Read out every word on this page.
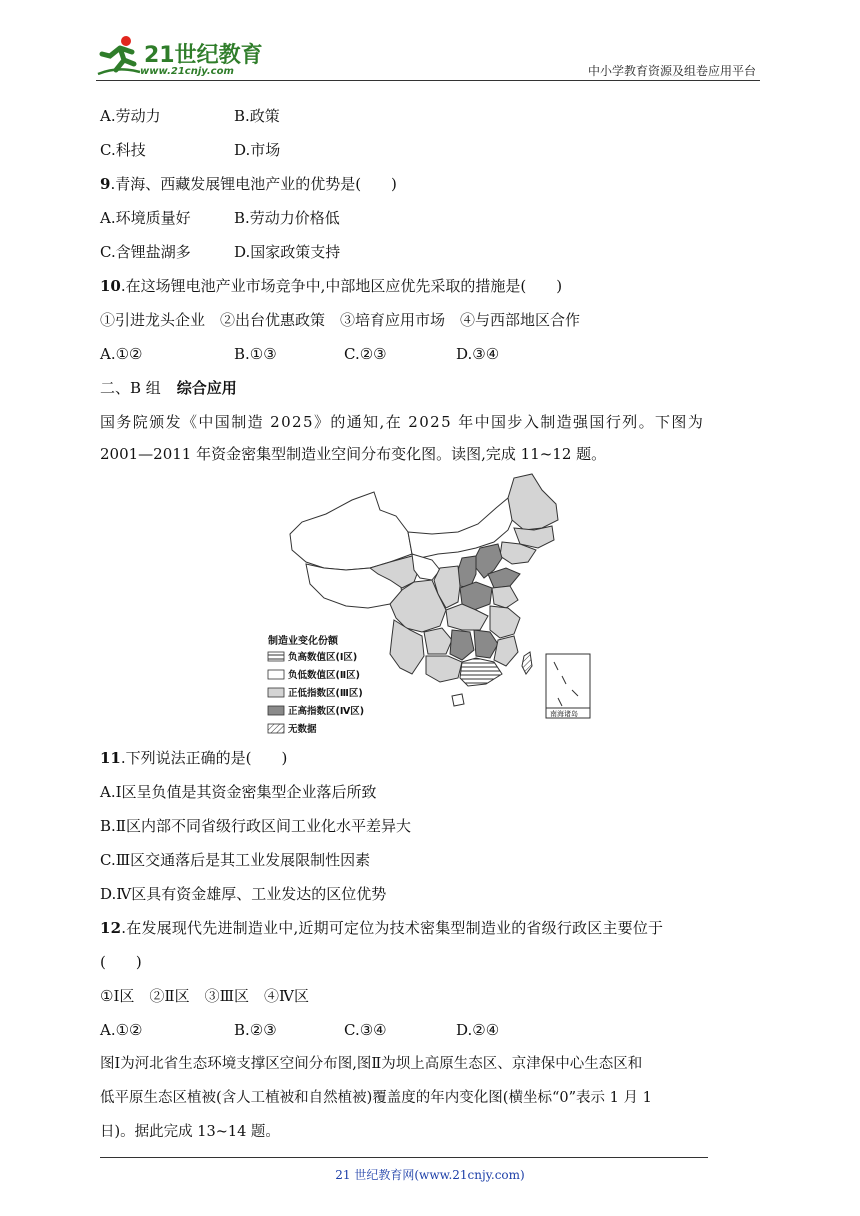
21世纪教育
www.21cnjy.com	中小学教育资源及组卷应用平台
A.劳动力	B.政策
C.科技	D.市场
9.青海、西藏发展锂电池产业的优势是(　　)
A.环境质量好	B.劳动力价格低
C.含锂盐湖多	D.国家政策支持
10.在这场锂电池产业市场竞争中,中部地区应优先采取的措施是(　　)
①引进龙头企业　②出台优惠政策　③培育应用市场　④与西部地区合作
A.①②	B.①③	C.②③	D.③④
二、B 组 综合应用
国务院颁发《中国制造 2025》的通知,在 2025 年中国步入制造强国行列。下图为
2001—2011 年资金密集型制造业空间分布变化图。读图,完成 11~12 题。
制造业变化份额
负高数值区(Ⅰ区)
负低数值区(Ⅱ区)
正低指数区(Ⅲ区)
正高指数区(Ⅳ区)
无数据
南海诸岛
11.下列说法正确的是(　　)
A.Ⅰ区呈负值是其资金密集型企业落后所致
B.Ⅱ区内部不同省级行政区间工业化水平差异大
C.Ⅲ区交通落后是其工业发展限制性因素
D.Ⅳ区具有资金雄厚、工业发达的区位优势
12.在发展现代先进制造业中,近期可定位为技术密集型制造业的省级行政区主要位于
(　　)
①Ⅰ区　②Ⅱ区　③Ⅲ区　④Ⅳ区
A.①②	B.②③	C.③④	D.②④
图Ⅰ为河北省生态环境支撑区空间分布图,图Ⅱ为坝上高原生态区、京津保中心生态区和
低平原生态区植被(含人工植被和自然植被)覆盖度的年内变化图(横坐标“0”表示 1 月 1
日)。据此完成 13~14 题。
21 世纪教育网(www.21cnjy.com)
